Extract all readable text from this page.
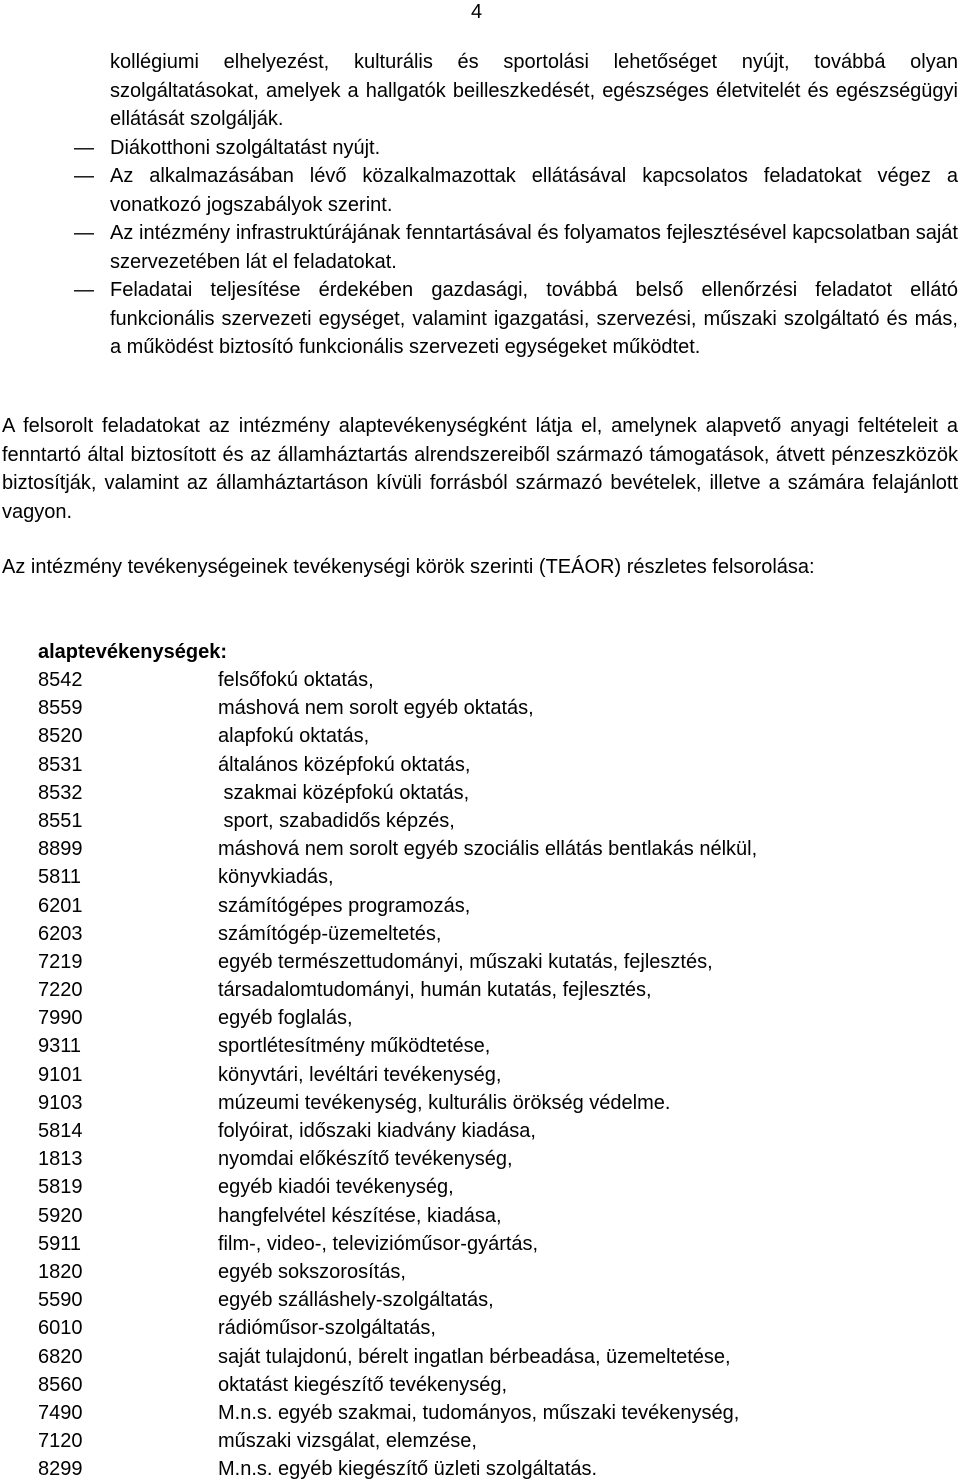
4
kollégiumi elhelyezést, kulturális és sportolási lehetőséget nyújt, továbbá olyan szolgáltatásokat, amelyek a hallgatók beilleszkedését, egészséges életvitelét és egészségügyi ellátását szolgálják.
— Diákotthoni szolgáltatást nyújt.
— Az alkalmazásában lévő közalkalmazottak ellátásával kapcsolatos feladatokat végez a vonatkozó jogszabályok szerint.
— Az intézmény infrastruktúrájának fenntartásával és folyamatos fejlesztésével kapcsolatban saját szervezetében lát el feladatokat.
— Feladatai teljesítése érdekében gazdasági, továbbá belső ellenőrzési feladatot ellátó funkcionális szervezeti egységet, valamint igazgatási, szervezési, műszaki szolgáltató és más, a működést biztosító funkcionális szervezeti egységeket működtet.
A felsorolt feladatokat az intézmény alaptevékenységként látja el, amelynek alapvető anyagi feltételeit a fenntartó által biztosított és az államháztartás alrendszereiből származó támogatások, átvett pénzeszközök biztosítják, valamint az államháztartáson kívüli forrásból származó bevételek, illetve a számára felajánlott vagyon.
Az intézmény tevékenységeinek tevékenységi körök szerinti (TEÁOR) részletes felsorolása:
alaptevékenységek:
8542	felsőfokú oktatás,
8559	máshová nem sorolt egyéb oktatás,
8520	alapfokú oktatás,
8531	általános középfokú oktatás,
8532	szakmai középfokú oktatás,
8551	sport, szabadidős képzés,
8899	máshová nem sorolt egyéb szociális ellátás bentlakás nélkül,
5811	könyvkiadás,
6201	számítógépes programozás,
6203	számítógép-üzemeltetés,
7219	egyéb természettudományi, műszaki kutatás, fejlesztés,
7220	társadalomtudományi, humán kutatás, fejlesztés,
7990	egyéb foglalás,
9311	sportlétesítmény működtetése,
9101	könyvtári, levéltári tevékenység,
9103	múzeumi tevékenység, kulturális örökség védelme.
5814	folyóirat, időszaki kiadvány kiadása,
1813	nyomdai előkészítő tevékenység,
5819	egyéb kiadói tevékenység,
5920	hangfelvétel készítése, kiadása,
5911	film-, video-, televizióműsor-gyártás,
1820	egyéb sokszorosítás,
5590	egyéb szálláshely-szolgáltatás,
6010	rádióműsor-szolgáltatás,
6820	saját tulajdonú, bérelt ingatlan bérbeadása, üzemeltetése,
8560	oktatást kiegészítő tevékenység,
7490	M.n.s. egyéb szakmai, tudományos, műszaki tevékenység,
7120	műszaki vizsgálat, elemzése,
8299	M.n.s. egyéb kiegészítő üzleti szolgáltatás.
